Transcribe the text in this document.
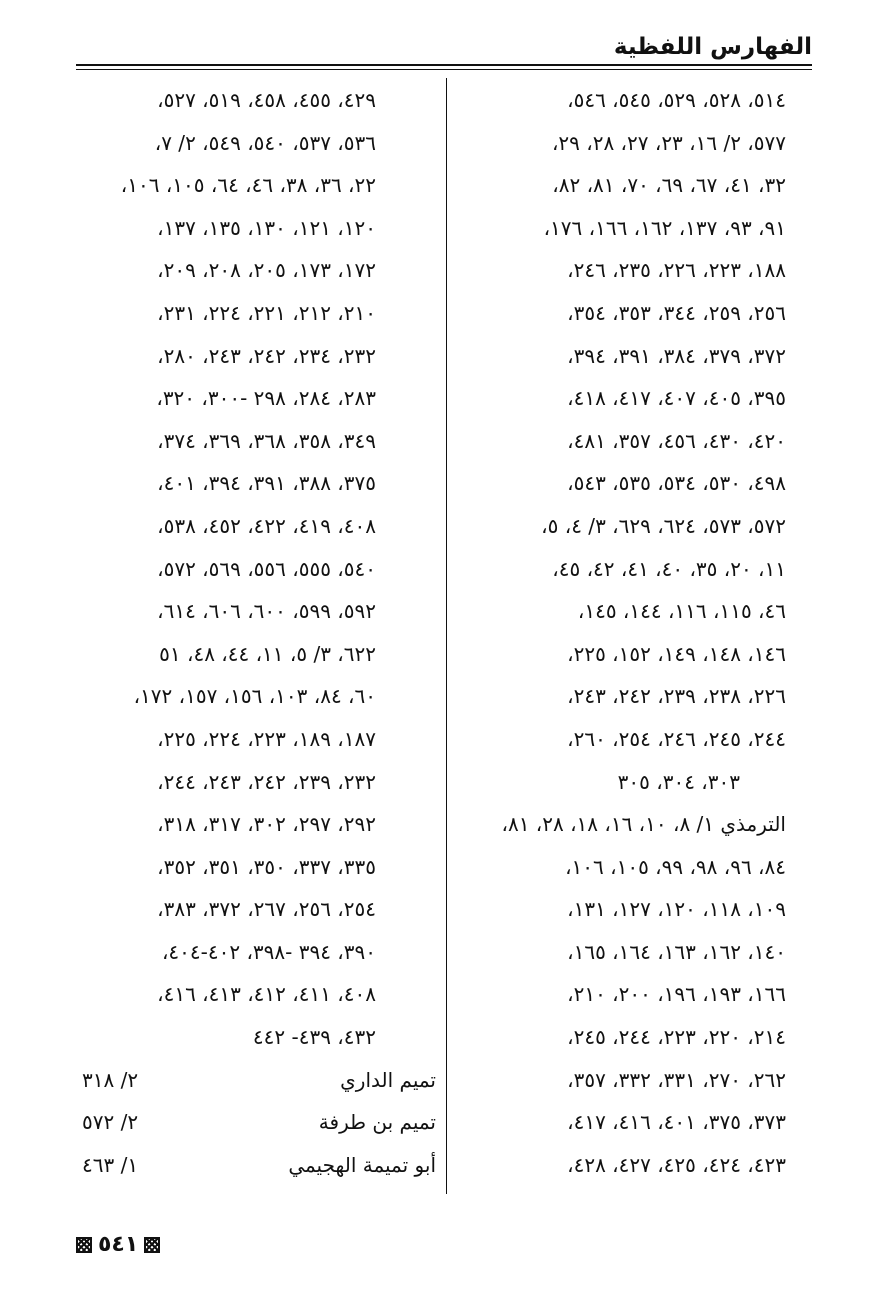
الفهارس اللفظية
٥١٤، ٥٢٨، ٥٢٩، ٥٤٥، ٥٤٦،
٥٧٧، ٢/ ١٦، ٢٣، ٢٧، ٢٨، ٢٩،
٣٢، ٤١، ٦٧، ٦٩، ٧٠، ٨١، ٨٢،
٩١، ٩٣، ١٣٧، ١٦٢، ١٦٦، ١٧٦،
١٨٨، ٢٢٣، ٢٢٦، ٢٣٥، ٢٤٦،
٢٥٦، ٢٥٩، ٣٤٤، ٣٥٣، ٣٥٤،
٣٧٢، ٣٧٩، ٣٨٤، ٣٩١، ٣٩٤،
٣٩٥، ٤٠٥، ٤٠٧، ٤١٧، ٤١٨،
٤٢٠، ٤٣٠، ٤٥٦، ٣٥٧، ٤٨١،
٤٩٨، ٥٣٠، ٥٣٤، ٥٣٥، ٥٤٣،
٥٧٢، ٥٧٣، ٦٢٤، ٦٢٩، ٣/ ٤، ٥،
١١، ٢٠، ٣٥، ٤٠، ٤١، ٤٢، ٤٥،
٤٦، ١١٥، ١١٦، ١٤٤، ١٤٥،
١٤٦، ١٤٨، ١٤٩، ١٥٢، ٢٢٥،
٢٢٦، ٢٣٨، ٢٣٩، ٢٤٢، ٢٤٣،
٢٤٤، ٢٤٥، ٢٤٦، ٢٥٤، ٢٦٠،
٣٠٣، ٣٠٤، ٣٠٥
الترمذي ١/ ٨، ١٠، ١٦، ١٨، ٢٨، ٨١،
٨٤، ٩٦، ٩٨، ٩٩، ١٠٥، ١٠٦،
١٠٩، ١١٨، ١٢٠، ١٢٧، ١٣١،
١٤٠، ١٦٢، ١٦٣، ١٦٤، ١٦٥،
١٦٦، ١٩٣، ١٩٦، ٢٠٠، ٢١٠،
٢١٤، ٢٢٠، ٢٢٣، ٢٤٤، ٢٤٥،
٢٦٢، ٢٧٠، ٣٣١، ٣٣٢، ٣٥٧،
٣٧٣، ٣٧٥، ٤٠١، ٤١٦، ٤١٧،
٤٢٣، ٤٢٤، ٤٢٥، ٤٢٧، ٤٢٨،
٤٢٩، ٤٥٥، ٤٥٨، ٥١٩، ٥٢٧،
٥٣٦، ٥٣٧، ٥٤٠، ٥٤٩، ٢/ ٧،
٢٢، ٣٦، ٣٨، ٤٦، ٦٤، ١٠٥، ١٠٦،
١٢٠، ١٢١، ١٣٠، ١٣٥، ١٣٧،
١٧٢، ١٧٣، ٢٠٥، ٢٠٨، ٢٠٩،
٢١٠، ٢١٢، ٢٢١، ٢٢٤، ٢٣١،
٢٣٢، ٢٣٤، ٢٤٢، ٢٤٣، ٢٨٠،
٢٨٣، ٢٨٤، ٢٩٨ -٣٠٠، ٣٢٠،
٣٤٩، ٣٥٨، ٣٦٨، ٣٦٩، ٣٧٤،
٣٧٥، ٣٨٨، ٣٩١، ٣٩٤، ٤٠١،
٤٠٨، ٤١٩، ٤٢٢، ٤٥٢، ٥٣٨،
٥٤٠، ٥٥٥، ٥٥٦، ٥٦٩، ٥٧٢،
٥٩٢، ٥٩٩، ٦٠٠، ٦٠٦، ٦١٤،
٦٢٢، ٣/ ٥، ١١، ٤٤، ٤٨، ٥١
٦٠، ٨٤، ١٠٣، ١٥٦، ١٥٧، ١٧٢،
١٨٧، ١٨٩، ٢٢٣، ٢٢٤، ٢٢٥،
٢٣٢، ٢٣٩، ٢٤٢، ٢٤٣، ٢٤٤،
٢٩٢، ٢٩٧، ٣٠٢، ٣١٧، ٣١٨،
٣٣٥، ٣٣٧، ٣٥٠، ٣٥١، ٣٥٢،
٢٥٤، ٢٥٦، ٢٦٧، ٣٧٢، ٣٨٣،
٣٩٠، ٣٩٤ -٣٩٨، ٤٠٢-٤٠٤،
٤٠٨، ٤١١، ٤١٢، ٤١٣، ٤١٦،
٤٣٢، ٤٣٩- ٤٤٢
تميم الداري
٢/ ٣١٨
تميم بن طرفة
٢/ ٥٧٢
أبو تميمة الهجيمي
١/ ٤٦٣
٥٤١
